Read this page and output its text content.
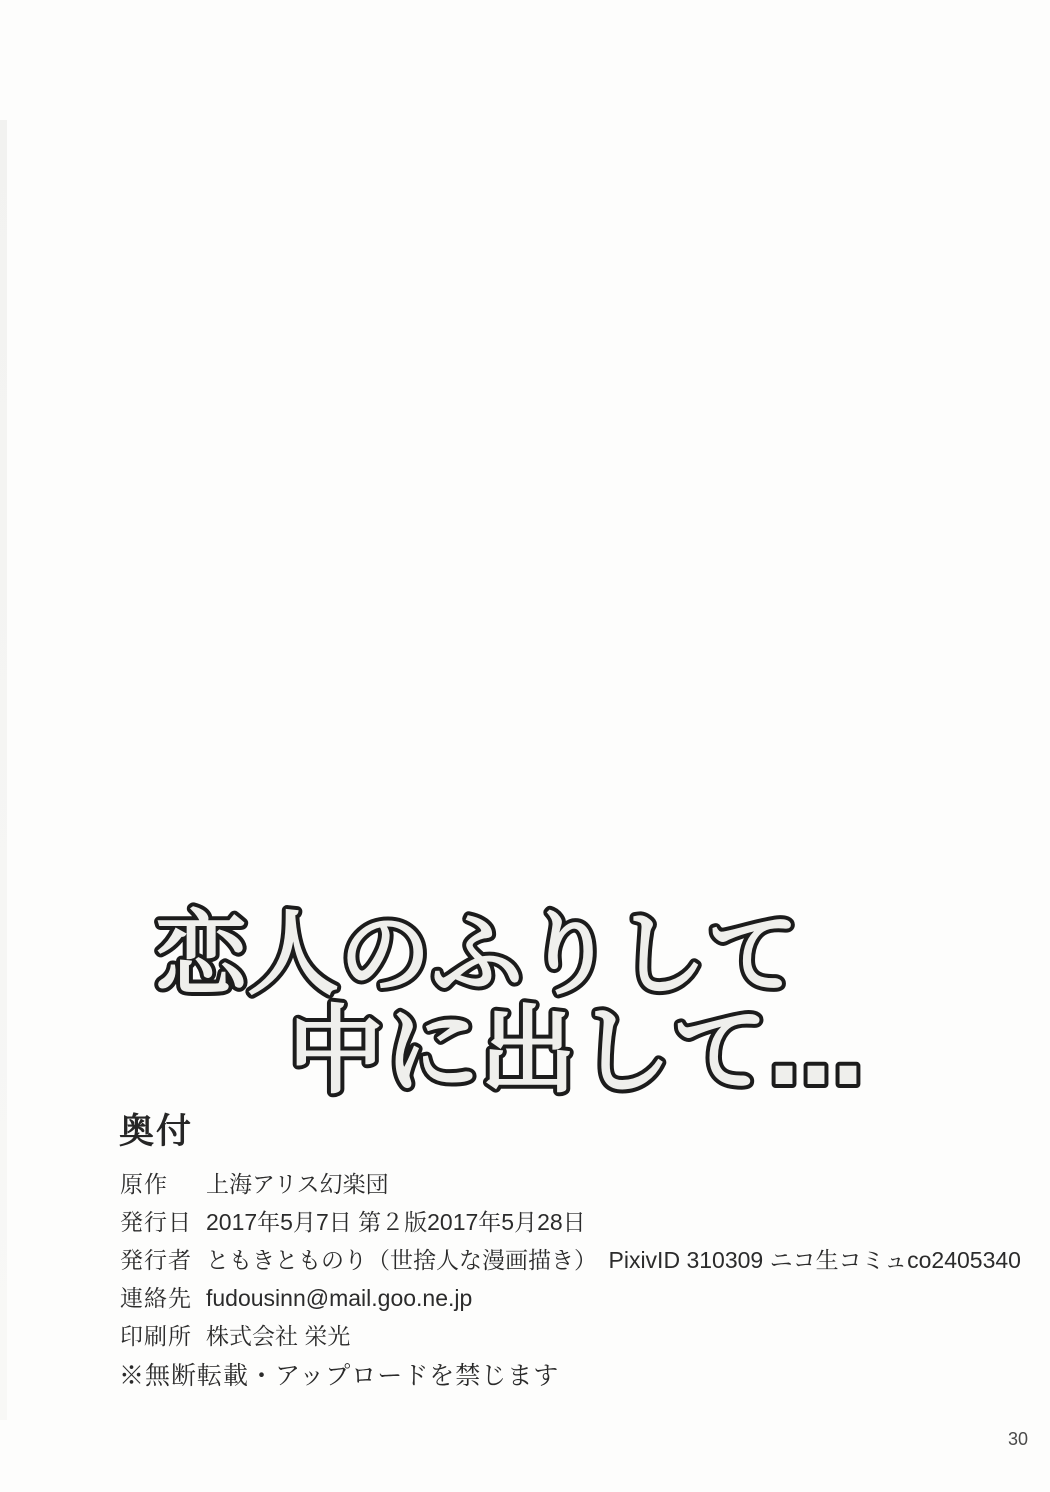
恋人のふりして
中に出して…
奥付
原作	上海アリス幻楽団
発行日 2017年5月7日 第２版2017年5月28日
発行者 ともきとものり（世捨人な漫画描き）　PixivID 310309 ニコ生コミュco2405340
連絡先 fudousinn@mail.goo.ne.jp
印刷所 株式会社 栄光
※無断転載・アップロードを禁じます
30
